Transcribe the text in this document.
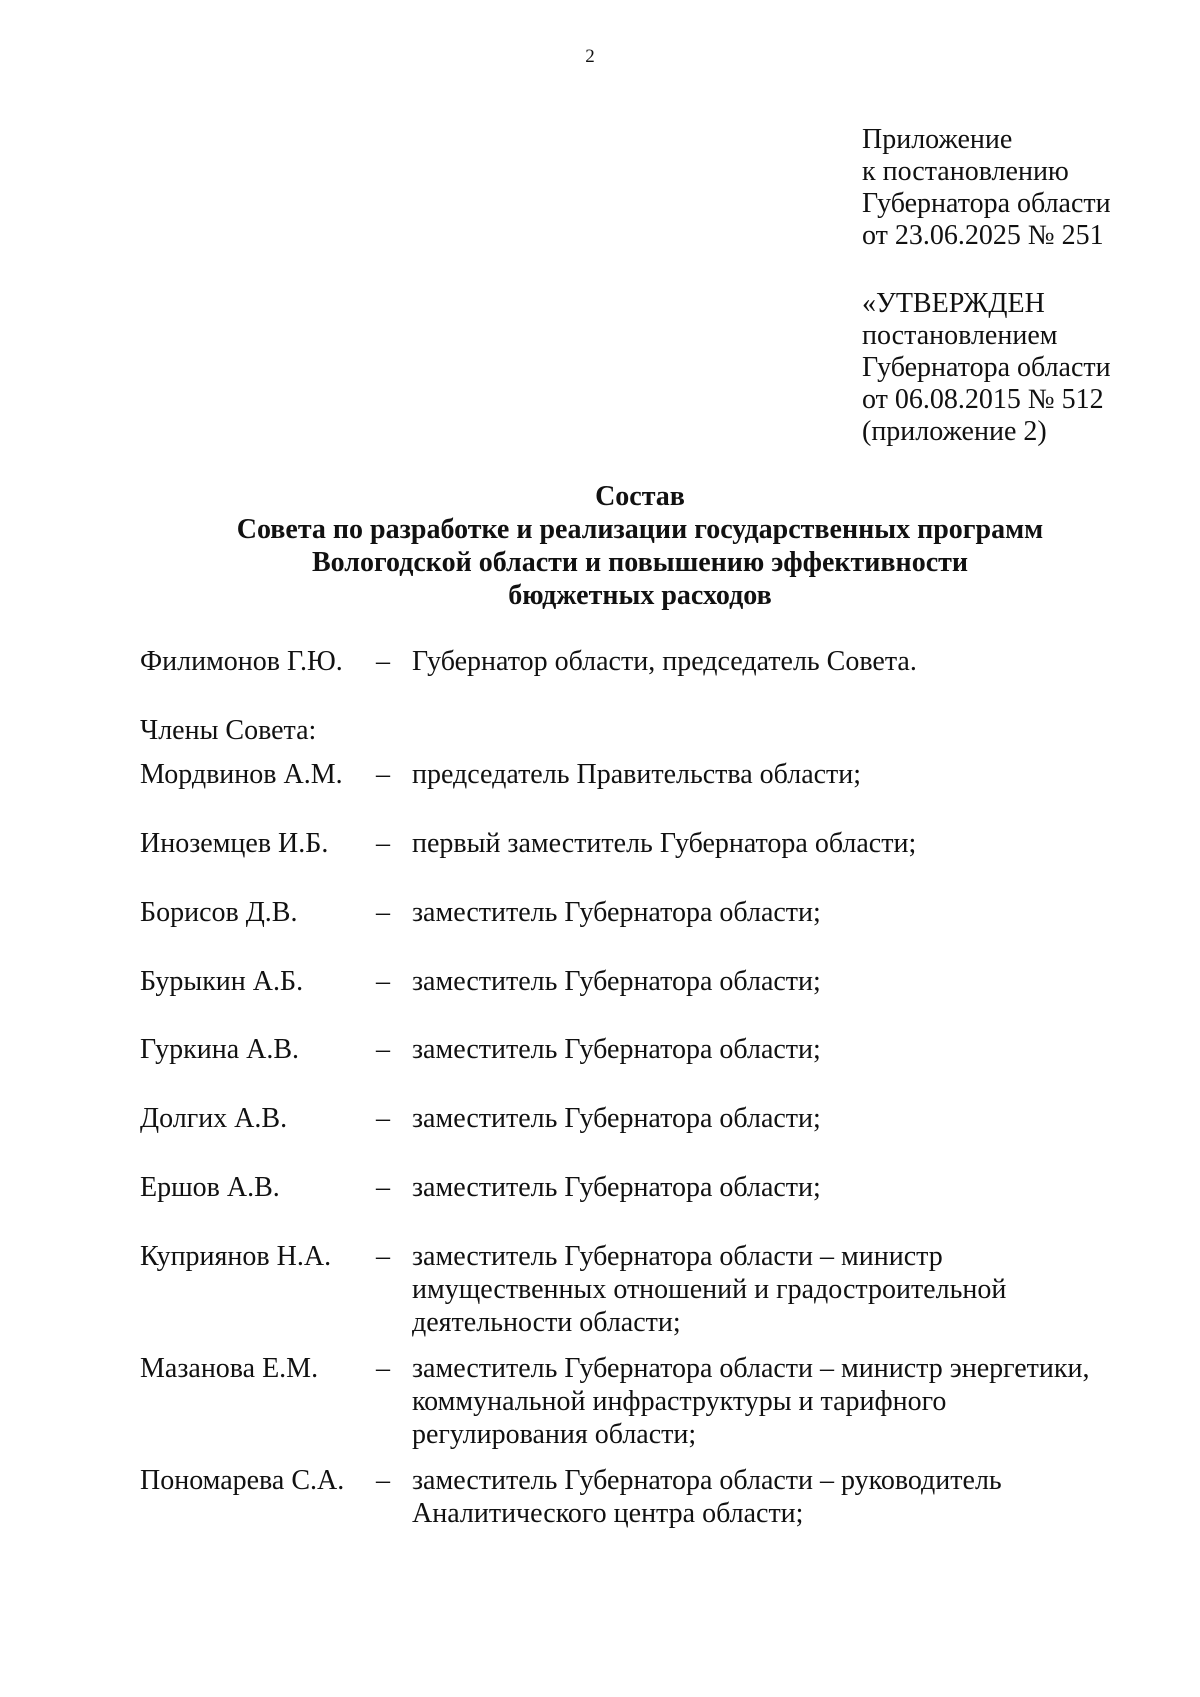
2
Приложение
к постановлению
Губернатора области
от 23.06.2025 № 251
«УТВЕРЖДЕН
постановлением
Губернатора области
от 06.08.2015 № 512
(приложение 2)
Состав
Совета по разработке и реализации государственных программ
Вологодской области и повышению эффективности
бюджетных расходов
Филимонов Г.Ю. – Губернатор области, председатель Совета.
Члены Совета:
Мордвинов А.М. – председатель Правительства области;
Иноземцев И.Б. – первый заместитель Губернатора области;
Борисов Д.В.	– заместитель Губернатора области;
Бурыкин А.Б.	– заместитель Губернатора области;
Гуркина А.В.	– заместитель Губернатора области;
Долгих А.В.	– заместитель Губернатора области;
Ершов А.В.	– заместитель Губернатора области;
Куприянов Н.А. – заместитель Губернатора области – министр
имущественных отношений и градостроительной
деятельности области;
Мазанова Е.М. – заместитель Губернатора области – министр энергетики,
коммунальной инфраструктуры и тарифного
регулирования области;
Пономарева С.А. – заместитель Губернатора области – руководитель
Аналитического центра области;
